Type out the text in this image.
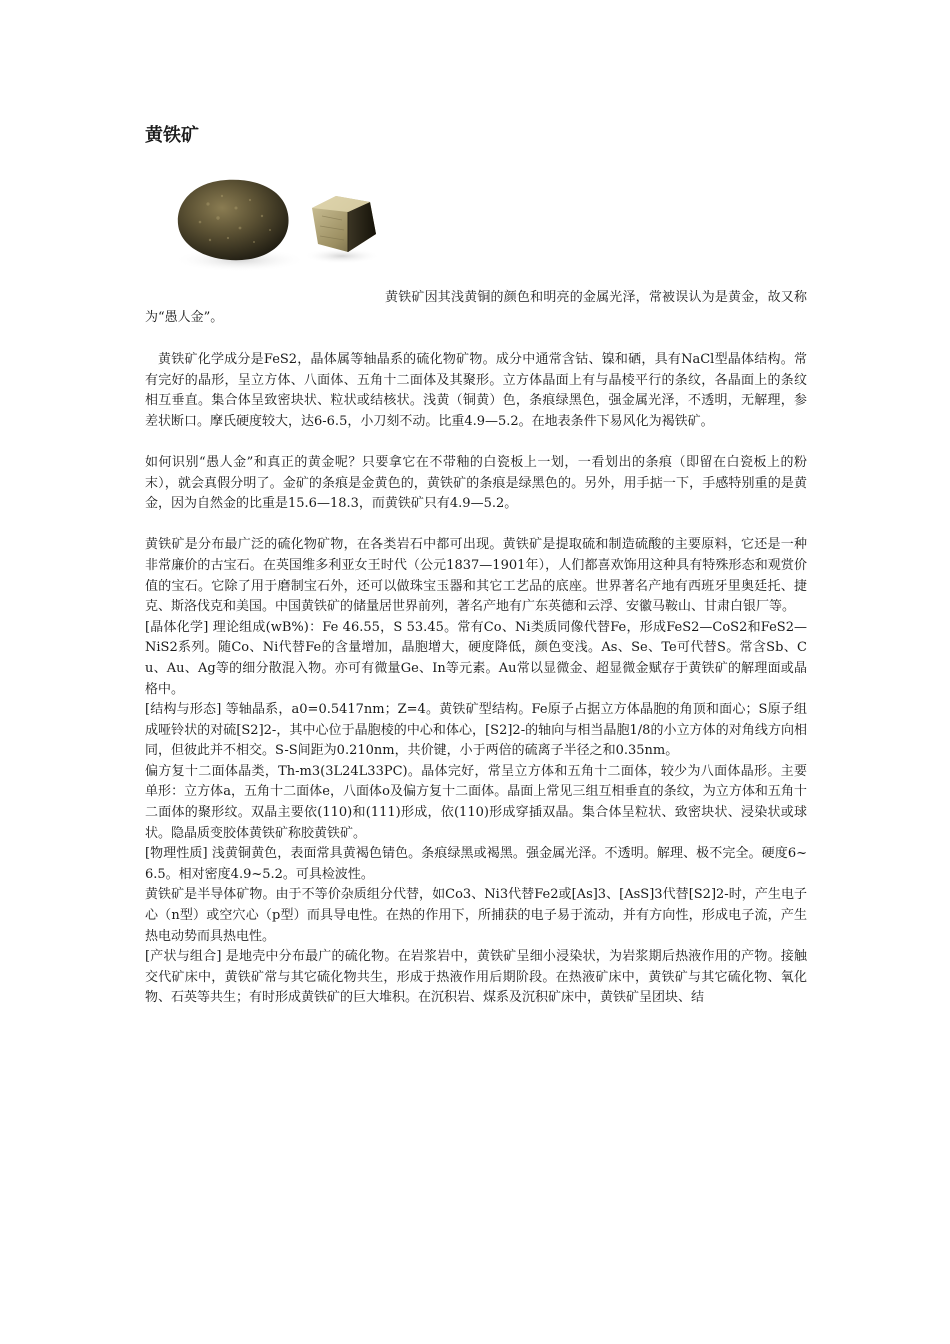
黄铁矿

黄铁矿因其浅黄铜的颜色和明亮的金属光泽，常被误认为是黄金，故又称为“愚人金”。

黄铁矿化学成分是FeS2，晶体属等轴晶系的硫化物矿物。成分中通常含钴、镍和硒，具有NaCl型晶体结构。常有完好的晶形，呈立方体、八面体、五角十二面体及其聚形。立方体晶面上有与晶棱平行的条纹，各晶面上的条纹相互垂直。集合体呈致密块状、粒状或结核状。浅黄（铜黄）色，条痕绿黑色，强金属光泽，不透明，无解理，参差状断口。摩氏硬度较大，达6-6.5，小刀刻不动。比重4.9—5.2。在地表条件下易风化为褐铁矿。

如何识别“愚人金”和真正的黄金呢？只要拿它在不带釉的白瓷板上一划，一看划出的条痕（即留在白瓷板上的粉末），就会真假分明了。金矿的条痕是金黄色的，黄铁矿的条痕是绿黑色的。另外，用手掂一下，手感特别重的是黄金，因为自然金的比重是15.6—18.3，而黄铁矿只有4.9—5.2。

黄铁矿是分布最广泛的硫化物矿物，在各类岩石中都可出现。黄铁矿是提取硫和制造硫酸的主要原料，它还是一种非常廉价的古宝石。在英国维多利亚女王时代（公元1837—1901年），人们都喜欢饰用这种具有特殊形态和观赏价值的宝石。它除了用于磨制宝石外，还可以做珠宝玉器和其它工艺品的底座。世界著名产地有西班牙里奥廷托、捷克、斯洛伐克和美国。中国黄铁矿的储量居世界前列，著名产地有广东英德和云浮、安徽马鞍山、甘肃白银厂等。

[晶体化学] 理论组成(wB%)：Fe 46.55，S 53.45。常有Co、Ni类质同像代替Fe，形成FeS2—CoS2和FeS2—NiS2系列。随Co、Ni代替Fe的含量增加，晶胞增大，硬度降低，颜色变浅。As、Se、Te可代替S。常含Sb、Cu、Au、Ag等的细分散混入物。亦可有微量Ge、In等元素。Au常以显微金、超显微金赋存于黄铁矿的解理面或晶格中。

[结构与形态] 等轴晶系，a0=0.5417nm；Z=4。黄铁矿型结构。Fe原子占据立方体晶胞的角顶和面心；S原子组成哑铃状的对硫[S2]2-，其中心位于晶胞棱的中心和体心，[S2]2-的轴向与相当晶胞1/8的小立方体的对角线方向相同，但彼此并不相交。S-S间距为0.210nm，共价键，小于两倍的硫离子半径之和0.35nm。

偏方复十二面体晶类，Th-m3(3L24L33PC)。晶体完好，常呈立方体和五角十二面体，较少为八面体晶形。主要单形：立方体a，五角十二面体e，八面体o及偏方复十二面体。晶面上常见三组互相垂直的条纹，为立方体和五角十二面体的聚形纹。双晶主要依(110)和(111)形成，依(110)形成穿插双晶。集合体呈粒状、致密块状、浸染状或球状。隐晶质变胶体黄铁矿称胶黄铁矿。

[物理性质] 浅黄铜黄色，表面常具黄褐色锖色。条痕绿黑或褐黑。强金属光泽。不透明。解理、极不完全。硬度6~6.5。相对密度4.9~5.2。可具检波性。

黄铁矿是半导体矿物。由于不等价杂质组分代替，如Co3、Ni3代替Fe2或[As]3、[AsS]3代替[S2]2-时，产生电子心（n型）或空穴心（p型）而具导电性。在热的作用下，所捕获的电子易于流动，并有方向性，形成电子流，产生热电动势而具热电性。

[产状与组合] 是地壳中分布最广的硫化物。在岩浆岩中，黄铁矿呈细小浸染状，为岩浆期后热液作用的产物。接触交代矿床中，黄铁矿常与其它硫化物共生，形成于热液作用后期阶段。在热液矿床中，黄铁矿与其它硫化物、氧化物、石英等共生；有时形成黄铁矿的巨大堆积。在沉积岩、煤系及沉积矿床中，黄铁矿呈团块、结
